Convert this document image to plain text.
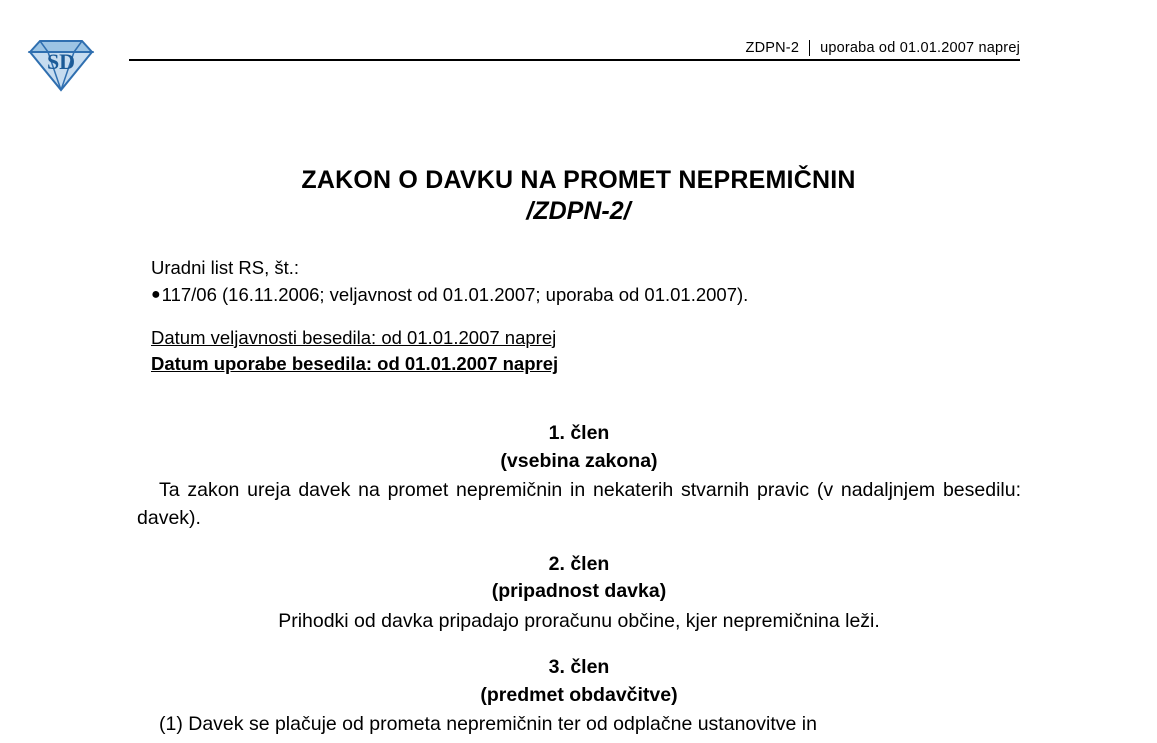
SD
ZDPN-2	uporaba od 01.01.2007 naprej
ZAKON O DAVKU NA PROMET NEPREMIČNIN
/ZDPN-2/
Uradni list RS, št.:
●117/06 (16.11.2006; veljavnost od 01.01.2007; uporaba od 01.01.2007).
Datum veljavnosti besedila: od 01.01.2007 naprej
Datum uporabe besedila: od 01.01.2007 naprej
1. člen
(vsebina zakona)
Ta zakon ureja davek na promet nepremičnin in nekaterih stvarnih pravic (v nadaljnjem besedilu: davek).
2. člen
(pripadnost davka)
Prihodki od davka pripadajo proračunu občine, kjer nepremičnina leži.
3. člen
(predmet obdavčitve)
(1) Davek se plačuje od prometa nepremičnin ter od odplačne ustanovitve in
